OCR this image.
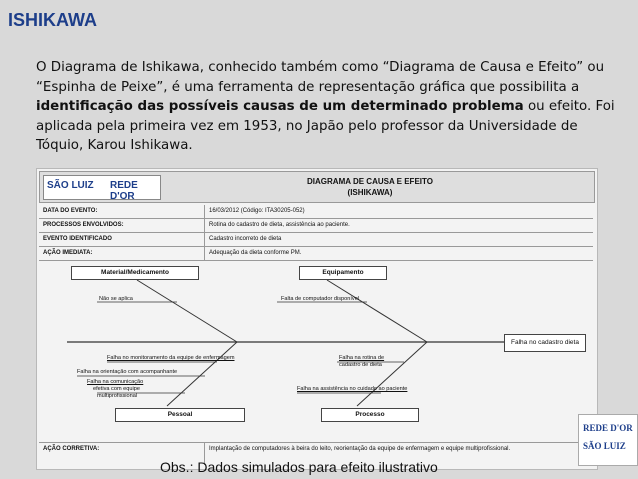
ISHIKAWA
O Diagrama de Ishikawa, conhecido também como “Diagrama de Causa e Efeito” ou “Espinha de Peixe”, é uma ferramenta de representação gráfica que possibilita a identificação das possíveis causas de um determinado problema ou efeito. Foi aplicada pela primeira vez em 1953, no Japão pelo professor da Universidade de Tóquio, Karou Ishikawa.
SÃO LUIZ REDE D'OR
DIAGRAMA DE CAUSA E EFEITO
(ISHIKAWA)
DATA DO EVENTO:	16/03/2012 (Código: ITA30205-052)
PROCESSOS ENVOLVIDOS:	Rotina do cadastro de dieta, assistência ao paciente.
EVENTO IDENTIFICADO	Cadastro incorreto de dieta
AÇÃO IMEDIATA:	Adequação da dieta conforme PM.
Material/Medicamento	Equipamento
Pessoal	Processo
Não se aplica	Falta de computador disponível
Falha no monitoramento da equipe de enfermagem
Falha na orientação com acompanhante
Falha na comunicação
efetiva com equipe
multiprofissional
Falha na rotina de
cadastro de dieta
Falha na assistência no cuidado ao paciente
Falha no cadastro dieta
AÇÃO CORRETIVA:	Implantação de computadores à beira do leito, reorientação da equipe de enfermagem e equipe multiprofissional.
REDE D'OR
SÃO LUIZ
Obs.: Dados simulados para efeito ilustrativo
